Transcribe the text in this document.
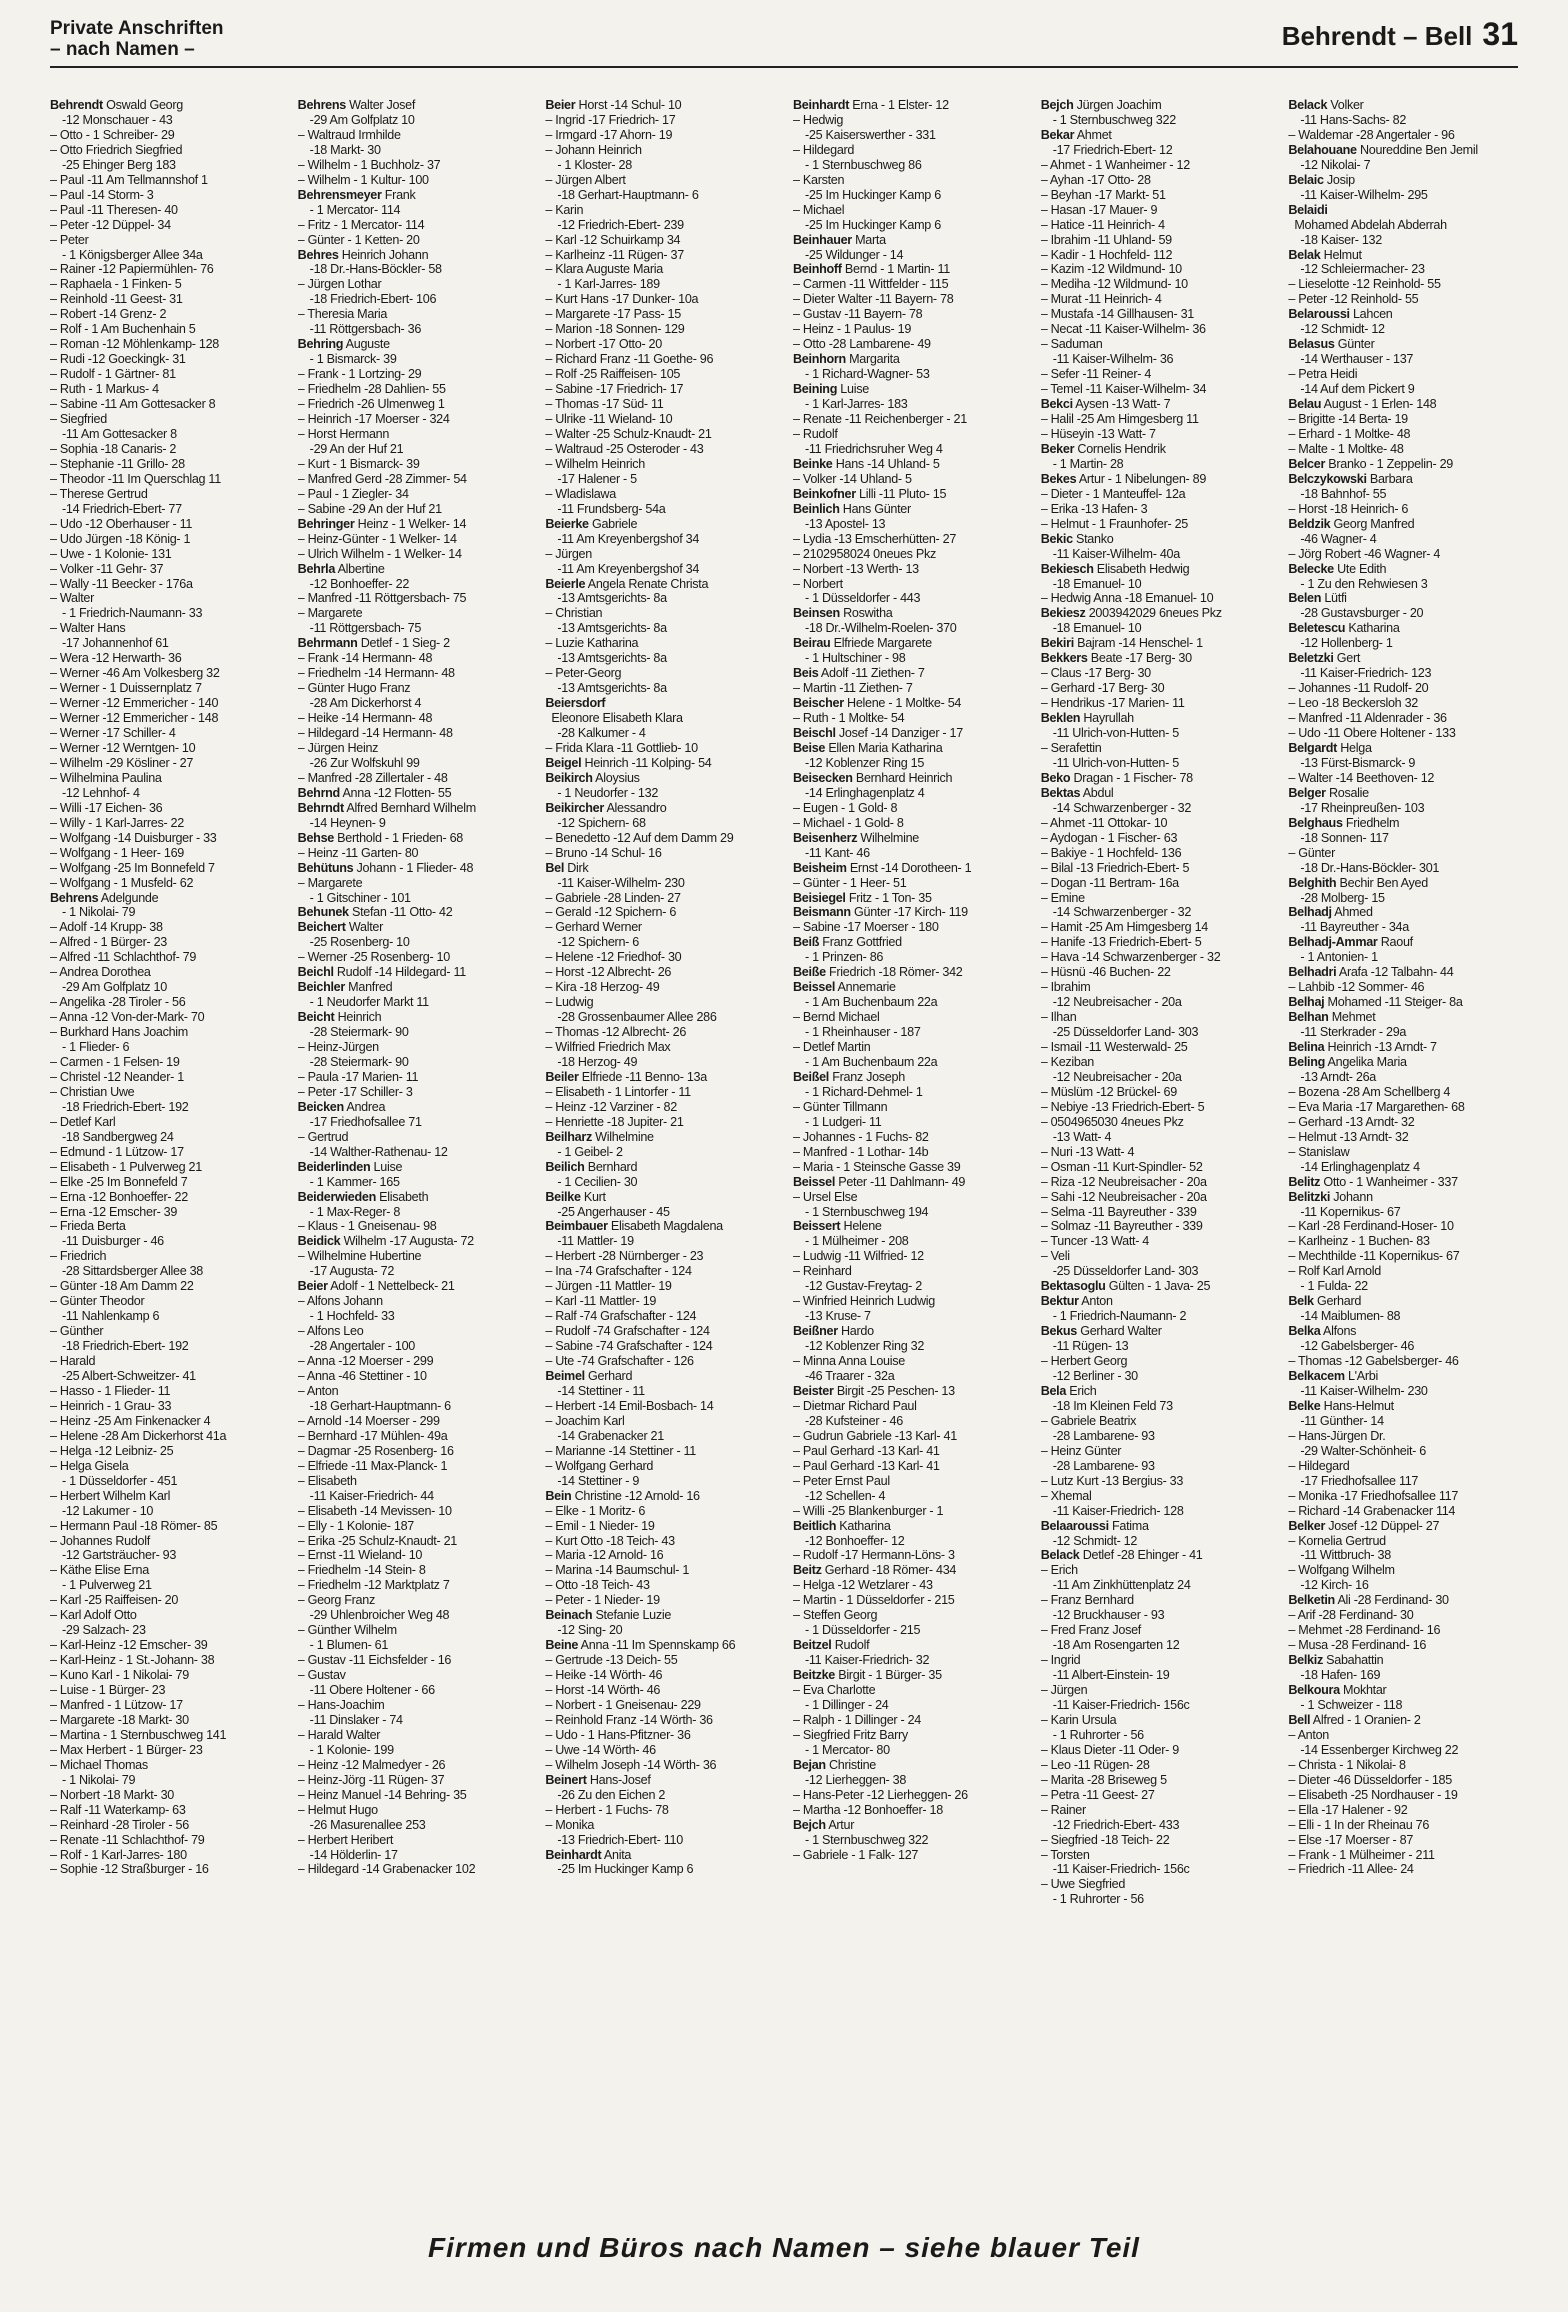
Private Anschriften
– nach Namen –	Behrendt – Bell 31
Behrendt Oswald Georg
-12 Monschauer - 43
– Otto - 1 Schreiber- 29
– Otto Friedrich Siegfried
-25 Ehinger Berg 183
– Paul -11 Am Tellmannshof 1
– Paul -14 Storm- 3
– Paul -11 Theresen- 40
– Peter -12 Düppel- 34
– Peter
- 1 Königsberger Allee 34a
– Rainer -12 Papiermühlen- 76
– Raphaela - 1 Finken- 5
– Reinhold -11 Geest- 31
– Robert -14 Grenz- 2
– Rolf - 1 Am Buchenhain 5
– Roman -12 Möhlenkamp- 128
– Rudi -12 Goeckingk- 31
– Rudolf - 1 Gärtner- 81
– Ruth - 1 Markus- 4
– Sabine -11 Am Gottesacker 8
– Siegfried
-11 Am Gottesacker 8
– Sophia -18 Canaris- 2
– Stephanie -11 Grillo- 28
– Theodor -11 Im Querschlag 11
– Therese Gertrud
-14 Friedrich-Ebert- 77
– Udo -12 Oberhauser - 11
– Udo Jürgen -18 König- 1
– Uwe - 1 Kolonie- 131
– Volker -11 Gehr- 37
– Wally -11 Beecker - 176a
– Walter
- 1 Friedrich-Naumann- 33
– Walter Hans
-17 Johannenhof 61
– Wera -12 Herwarth- 36
– Werner -46 Am Volkesberg 32
– Werner - 1 Duissernplatz 7
– Werner -12 Emmericher - 140
– Werner -12 Emmericher - 148
– Werner -17 Schiller- 4
– Werner -12 Werntgen- 10
– Wilhelm -29 Kösliner - 27
– Wilhelmina Paulina
-12 Lehnhof- 4
– Willi -17 Eichen- 36
– Willy - 1 Karl-Jarres- 22
– Wolfgang -14 Duisburger - 33
– Wolfgang - 1 Heer- 169
– Wolfgang -25 Im Bonnefeld 7
– Wolfgang - 1 Musfeld- 62
Behrens Adelgunde
- 1 Nikolai- 79
– Adolf -14 Krupp- 38
– Alfred - 1 Bürger- 23
– Alfred -11 Schlachthof- 79
– Andrea Dorothea
-29 Am Golfplatz 10
– Angelika -28 Tiroler - 56
– Anna -12 Von-der-Mark- 70
– Burkhard Hans Joachim
- 1 Flieder- 6
– Carmen - 1 Felsen- 19
– Christel -12 Neander- 1
– Christian Uwe
-18 Friedrich-Ebert- 192
– Detlef Karl
-18 Sandbergweg 24
– Edmund - 1 Lützow- 17
– Elisabeth - 1 Pulverweg 21
– Elke -25 Im Bonnefeld 7
– Erna -12 Bonhoeffer- 22
– Erna -12 Emscher- 39
– Frieda Berta
-11 Duisburger - 46
– Friedrich
-28 Sittardsberger Allee 38
– Günter -18 Am Damm 22
– Günter Theodor
-11 Nahlenkamp 6
– Günther
-18 Friedrich-Ebert- 192
– Harald
-25 Albert-Schweitzer- 41
– Hasso - 1 Flieder- 11
– Heinrich - 1 Grau- 33
– Heinz -25 Am Finkenacker 4
– Helene -28 Am Dickerhorst 41a
– Helga -12 Leibniz- 25
– Helga Gisela
- 1 Düsseldorfer - 451
– Herbert Wilhelm Karl
-12 Lakumer - 10
– Hermann Paul -18 Römer- 85
– Johannes Rudolf
-12 Gartsträucher- 93
– Käthe Elise Erna
- 1 Pulverweg 21
– Karl -25 Raiffeisen- 20
– Karl Adolf Otto
-29 Salzach- 23
– Karl-Heinz -12 Emscher- 39
– Karl-Heinz - 1 St.-Johann- 38
– Kuno Karl - 1 Nikolai- 79
– Luise - 1 Bürger- 23
– Manfred - 1 Lützow- 17
– Margarete -18 Markt- 30
– Martina - 1 Sternbuschweg 141
– Max Herbert - 1 Bürger- 23
– Michael Thomas
- 1 Nikolai- 79
– Norbert -18 Markt- 30
– Ralf -11 Waterkamp- 63
– Reinhard -28 Tiroler - 56
– Renate -11 Schlachthof- 79
– Rolf - 1 Karl-Jarres- 180
– Sophie -12 Straßburger - 16
Behrens Walter Josef
-29 Am Golfplatz 10
– Waltraud Irmhilde
-18 Markt- 30
– Wilhelm - 1 Buchholz- 37
– Wilhelm - 1 Kultur- 100
Behrensmeyer Frank
- 1 Mercator- 114
– Fritz - 1 Mercator- 114
– Günter - 1 Ketten- 20
Behres Heinrich Johann
-18 Dr.-Hans-Böckler- 58
– Jürgen Lothar
-18 Friedrich-Ebert- 106
– Theresia Maria
-11 Röttgersbach- 36
Behring Auguste
- 1 Bismarck- 39
– Frank - 1 Lortzing- 29
– Friedhelm -28 Dahlien- 55
– Friedrich -26 Ulmenweg 1
– Heinrich -17 Moerser - 324
– Horst Hermann
-29 An der Huf 21
– Kurt - 1 Bismarck- 39
– Manfred Gerd -28 Zimmer- 54
– Paul - 1 Ziegler- 34
– Sabine -29 An der Huf 21
Behringer Heinz - 1 Welker- 14
– Heinz-Günter - 1 Welker- 14
– Ulrich Wilhelm - 1 Welker- 14
Behrla Albertine
-12 Bonhoeffer- 22
– Manfred -11 Röttgersbach- 75
– Margarete
-11 Röttgersbach- 75
Behrmann Detlef - 1 Sieg- 2
– Frank -14 Hermann- 48
– Friedhelm -14 Hermann- 48
– Günter Hugo Franz
-28 Am Dickerhorst 4
– Heike -14 Hermann- 48
– Hildegard -14 Hermann- 48
– Jürgen Heinz
-26 Zur Wolfskuhl 99
– Manfred -28 Zillertaler - 48
Behrnd Anna -12 Flotten- 55
Behrndt Alfred Bernhard Wilhelm
-14 Heynen- 9
Behse Berthold - 1 Frieden- 68
– Heinz -11 Garten- 80
Behütuns Johann - 1 Flieder- 48
– Margarete
- 1 Gitschiner - 101
Behunek Stefan -11 Otto- 42
Beichert Walter
-25 Rosenberg- 10
– Werner -25 Rosenberg- 10
Beichl Rudolf -14 Hildegard- 11
Beichler Manfred
- 1 Neudorfer Markt 11
Beicht Heinrich
-28 Steiermark- 90
– Heinz-Jürgen
-28 Steiermark- 90
– Paula -17 Marien- 11
– Peter -17 Schiller- 3
Beicken Andrea
-17 Friedhofsallee 71
– Gertrud
-14 Walther-Rathenau- 12
Beiderlinden Luise
- 1 Kammer- 165
Beiderwieden Elisabeth
- 1 Max-Reger- 8
– Klaus - 1 Gneisenau- 98
Beidick Wilhelm -17 Augusta- 72
– Wilhelmine Hubertine
-17 Augusta- 72
Beier Adolf - 1 Nettelbeck- 21
– Alfons Johann
- 1 Hochfeld- 33
– Alfons Leo
-28 Angertaler - 100
– Anna -12 Moerser - 299
– Anna -46 Stettiner - 10
– Anton
-18 Gerhart-Hauptmann- 6
– Arnold -14 Moerser - 299
– Bernhard -17 Mühlen- 49a
– Dagmar -25 Rosenberg- 16
– Elfriede -11 Max-Planck- 1
– Elisabeth
-11 Kaiser-Friedrich- 44
– Elisabeth -14 Mevissen- 10
– Elly - 1 Kolonie- 187
– Erika -25 Schulz-Knaudt- 21
– Ernst -11 Wieland- 10
– Friedhelm -14 Stein- 8
– Friedhelm -12 Marktplatz 7
– Georg Franz
-29 Uhlenbroicher Weg 48
– Günther Wilhelm
- 1 Blumen- 61
– Gustav -11 Eichsfelder - 16
– Gustav
-11 Obere Holtener - 66
– Hans-Joachim
-11 Dinslaker - 74
– Harald Walter
- 1 Kolonie- 199
– Heinz -12 Malmedyer - 26
– Heinz-Jörg -11 Rügen- 37
– Heinz Manuel -14 Behring- 35
– Helmut Hugo
-26 Masurenallee 253
– Herbert Heribert
-14 Hölderlin- 17
– Hildegard -14 Grabenacker 102
Beier Horst -14 Schul- 10
– Ingrid -17 Friedrich- 17
– Irmgard -17 Ahorn- 19
– Johann Heinrich
- 1 Kloster- 28
– Jürgen Albert
-18 Gerhart-Hauptmann- 6
– Karin
-12 Friedrich-Ebert- 239
– Karl -12 Schuirkamp 34
– Karlheinz -11 Rügen- 37
– Klara Auguste Maria
- 1 Karl-Jarres- 189
– Kurt Hans -17 Dunker- 10a
– Margarete -17 Pass- 15
– Marion -18 Sonnen- 129
– Norbert -17 Otto- 20
– Richard Franz -11 Goethe- 96
– Rolf -25 Raiffeisen- 105
– Sabine -17 Friedrich- 17
– Thomas -17 Süd- 11
– Ulrike -11 Wieland- 10
– Walter -25 Schulz-Knaudt- 21
– Waltraud -25 Osteroder - 43
– Wilhelm Heinrich
-17 Halener - 5
– Wladislawa
-11 Frundsberg- 54a
Beierke Gabriele
-11 Am Kreyenbergshof 34
– Jürgen
-11 Am Kreyenbergshof 34
Beierle Angela Renate Christa
-13 Amtsgerichts- 8a
– Christian
-13 Amtsgerichts- 8a
– Luzie Katharina
-13 Amtsgerichts- 8a
– Peter-Georg
-13 Amtsgerichts- 8a
Beiersdorf
Eleonore Elisabeth Klara
-28 Kalkumer - 4
– Frida Klara -11 Gottlieb- 10
Beigel Heinrich -11 Kolping- 54
Beikirch Aloysius
- 1 Neudorfer - 132
Beikircher Alessandro
-12 Spichern- 68
– Benedetto -12 Auf dem Damm 29
– Bruno -14 Schul- 16
Bel Dirk
-11 Kaiser-Wilhelm- 230
– Gabriele -28 Linden- 27
– Gerald -12 Spichern- 6
– Gerhard Werner
-12 Spichern- 6
– Helene -12 Friedhof- 30
– Horst -12 Albrecht- 26
– Kira -18 Herzog- 49
– Ludwig
-28 Grossenbaumer Allee 286
– Thomas -12 Albrecht- 26
– Wilfried Friedrich Max
-18 Herzog- 49
Beiler Elfriede -11 Benno- 13a
– Elisabeth - 1 Lintorfer - 11
– Heinz -12 Varziner - 82
– Henriette -18 Jupiter- 21
Beilharz Wilhelmine
- 1 Geibel- 2
Beilich Bernhard
- 1 Cecilien- 30
Beilke Kurt
-25 Angerhauser - 45
Beimbauer Elisabeth Magdalena
-11 Mattler- 19
– Herbert -28 Nürnberger - 23
– Ina -74 Grafschafter - 124
– Jürgen -11 Mattler- 19
– Karl -11 Mattler- 19
– Ralf -74 Grafschafter - 124
– Rudolf -74 Grafschafter - 124
– Sabine -74 Grafschafter - 124
– Ute -74 Grafschafter - 126
Beimel Gerhard
-14 Stettiner - 11
– Herbert -14 Emil-Bosbach- 14
– Joachim Karl
-14 Grabenacker 21
– Marianne -14 Stettiner - 11
– Wolfgang Gerhard
-14 Stettiner - 9
Bein Christine -12 Arnold- 16
– Elke - 1 Moritz- 6
– Emil - 1 Nieder- 19
– Kurt Otto -18 Teich- 43
– Maria -12 Arnold- 16
– Marina -14 Baumschul- 1
– Otto -18 Teich- 43
– Peter - 1 Nieder- 19
Beinach Stefanie Luzie
-12 Sing- 20
Beine Anna -11 Im Spennskamp 66
– Gertrude -13 Deich- 55
– Heike -14 Wörth- 46
– Horst -14 Wörth- 46
– Norbert - 1 Gneisenau- 229
– Reinhold Franz -14 Wörth- 36
– Udo - 1 Hans-Pfitzner- 36
– Uwe -14 Wörth- 46
– Wilhelm Joseph -14 Wörth- 36
Beinert Hans-Josef
-26 Zu den Eichen 2
– Herbert - 1 Fuchs- 78
– Monika
-13 Friedrich-Ebert- 110
Beinhardt Anita
-25 Im Huckinger Kamp 6
Beinhardt Erna - 1 Elster- 12
– Hedwig
-25 Kaiserswerther - 331
– Hildegard
- 1 Sternbuschweg 86
– Karsten
-25 Im Huckinger Kamp 6
– Michael
-25 Im Huckinger Kamp 6
Beinhauer Marta
-25 Wildunger - 14
Beinhoff Bernd - 1 Martin- 11
– Carmen -11 Wittfelder - 115
– Dieter Walter -11 Bayern- 78
– Gustav -11 Bayern- 78
– Heinz - 1 Paulus- 19
– Otto -28 Lambarene- 49
Beinhorn Margarita
- 1 Richard-Wagner- 53
Beining Luise
- 1 Karl-Jarres- 183
– Renate -11 Reichenberger - 21
– Rudolf
-11 Friedrichsruher Weg 4
Beinke Hans -14 Uhland- 5
– Volker -14 Uhland- 5
Beinkofner Lilli -11 Pluto- 15
Beinlich Hans Günter
-13 Apostel- 13
– Lydia -13 Emscherhütten- 27
– 2102958024 0neues Pkz
– Norbert -13 Werth- 13
– Norbert
- 1 Düsseldorfer - 443
Beinsen Roswitha
-18 Dr.-Wilhelm-Roelen- 370
Beirau Elfriede Margarete
- 1 Hultschiner - 98
Beis Adolf -11 Ziethen- 7
– Martin -11 Ziethen- 7
Beischer Helene - 1 Moltke- 54
– Ruth - 1 Moltke- 54
Beischl Josef -14 Danziger - 17
Beise Ellen Maria Katharina
-12 Koblenzer Ring 15
Beisecken Bernhard Heinrich
-14 Erlinghagenplatz 4
– Eugen - 1 Gold- 8
– Michael - 1 Gold- 8
Beisenherz Wilhelmine
-11 Kant- 46
Beisheim Ernst -14 Dorotheen- 1
– Günter - 1 Heer- 51
Beisiegel Fritz - 1 Ton- 35
Beismann Günter -17 Kirch- 119
– Sabine -17 Moerser - 180
Beiß Franz Gottfried
- 1 Prinzen- 86
Beiße Friedrich -18 Römer- 342
Beissel Annemarie
- 1 Am Buchenbaum 22a
– Bernd Michael
- 1 Rheinhauser - 187
– Detlef Martin
- 1 Am Buchenbaum 22a
Beißel Franz Joseph
- 1 Richard-Dehmel- 1
– Günter Tillmann
- 1 Ludgeri- 11
– Johannes - 1 Fuchs- 82
– Manfred - 1 Lothar- 14b
– Maria - 1 Steinsche Gasse 39
Beissel Peter -11 Dahlmann- 49
– Ursel Else
- 1 Sternbuschweg 194
Beissert Helene
- 1 Mülheimer - 208
– Ludwig -11 Wilfried- 12
– Reinhard
-12 Gustav-Freytag- 2
– Winfried Heinrich Ludwig
-13 Kruse- 7
Beißner Hardo
-12 Koblenzer Ring 32
– Minna Anna Louise
-46 Traarer - 32a
Beister Birgit -25 Peschen- 13
– Dietmar Richard Paul
-28 Kufsteiner - 46
– Gudrun Gabriele -13 Karl- 41
– Paul Gerhard -13 Karl- 41
– Paul Gerhard -13 Karl- 41
– Peter Ernst Paul
-12 Schellen- 4
– Willi -25 Blankenburger - 1
Beitlich Katharina
-12 Bonhoeffer- 12
– Rudolf -17 Hermann-Löns- 3
Beitz Gerhard -18 Römer- 434
– Helga -12 Wetzlarer - 43
– Martin - 1 Düsseldorfer - 215
– Steffen Georg
- 1 Düsseldorfer - 215
Beitzel Rudolf
-11 Kaiser-Friedrich- 32
Beitzke Birgit - 1 Bürger- 35
– Eva Charlotte
- 1 Dillinger - 24
– Ralph - 1 Dillinger - 24
– Siegfried Fritz Barry
- 1 Mercator- 80
Bejan Christine
-12 Lierheggen- 38
– Hans-Peter -12 Lierheggen- 26
– Martha -12 Bonhoeffer- 18
Bejch Artur
- 1 Sternbuschweg 322
– Gabriele - 1 Falk- 127
Bejch Jürgen Joachim
- 1 Sternbuschweg 322
Bekar Ahmet
-17 Friedrich-Ebert- 12
– Ahmet - 1 Wanheimer - 12
– Ayhan -17 Otto- 28
– Beyhan -17 Markt- 51
– Hasan -17 Mauer- 9
– Hatice -11 Heinrich- 4
– Ibrahim -11 Uhland- 59
– Kadir - 1 Hochfeld- 112
– Kazim -12 Wildmund- 10
– Mediha -12 Wildmund- 10
– Murat -11 Heinrich- 4
– Mustafa -14 Gillhausen- 31
– Necat -11 Kaiser-Wilhelm- 36
– Saduman
-11 Kaiser-Wilhelm- 36
– Sefer -11 Reiner- 4
– Temel -11 Kaiser-Wilhelm- 34
Bekci Aysen -13 Watt- 7
– Halil -25 Am Himgesberg 11
– Hüseyin -13 Watt- 7
Beker Cornelis Hendrik
- 1 Martin- 28
Bekes Artur - 1 Nibelungen- 89
– Dieter - 1 Manteuffel- 12a
– Erika -13 Hafen- 3
– Helmut - 1 Fraunhofer- 25
Bekic Stanko
-11 Kaiser-Wilhelm- 40a
Bekiesch Elisabeth Hedwig
-18 Emanuel- 10
– Hedwig Anna -18 Emanuel- 10
Bekiesz 2003942029 6neues Pkz
-18 Emanuel- 10
Bekiri Bajram -14 Henschel- 1
Bekkers Beate -17 Berg- 30
– Claus -17 Berg- 30
– Gerhard -17 Berg- 30
– Hendrikus -17 Marien- 11
Beklen Hayrullah
-11 Ulrich-von-Hutten- 5
– Serafettin
-11 Ulrich-von-Hutten- 5
Beko Dragan - 1 Fischer- 78
Bektas Abdul
-14 Schwarzenberger - 32
– Ahmet -11 Ottokar- 10
– Aydogan - 1 Fischer- 63
– Bakiye - 1 Hochfeld- 136
– Bilal -13 Friedrich-Ebert- 5
– Dogan -11 Bertram- 16a
– Emine
-14 Schwarzenberger - 32
– Hamit -25 Am Himgesberg 14
– Hanife -13 Friedrich-Ebert- 5
– Hava -14 Schwarzenberger - 32
– Hüsnü -46 Buchen- 22
– Ibrahim
-12 Neubreisacher - 20a
– Ilhan
-25 Düsseldorfer Land- 303
– Ismail -11 Westerwald- 25
– Keziban
-12 Neubreisacher - 20a
– Müslüm -12 Brückel- 69
– Nebiye -13 Friedrich-Ebert- 5
– 0504965030 4neues Pkz
-13 Watt- 4
– Nuri -13 Watt- 4
– Osman -11 Kurt-Spindler- 52
– Riza -12 Neubreisacher - 20a
– Sahi -12 Neubreisacher - 20a
– Selma -11 Bayreuther - 339
– Solmaz -11 Bayreuther - 339
– Tuncer -13 Watt- 4
– Veli
-25 Düsseldorfer Land- 303
Bektasoglu Gülten - 1 Java- 25
Bektur Anton
- 1 Friedrich-Naumann- 2
Bekus Gerhard Walter
-11 Rügen- 13
– Herbert Georg
-12 Berliner - 30
Bela Erich
-18 Im Kleinen Feld 73
– Gabriele Beatrix
-28 Lambarene- 93
– Heinz Günter
-28 Lambarene- 93
– Lutz Kurt -13 Bergius- 33
– Xhemal
-11 Kaiser-Friedrich- 128
Belaaroussi Fatima
-12 Schmidt- 12
Belack Detlef -28 Ehinger - 41
– Erich
-11 Am Zinkhüttenplatz 24
– Franz Bernhard
-12 Bruckhauser - 93
– Fred Franz Josef
-18 Am Rosengarten 12
– Ingrid
-11 Albert-Einstein- 19
– Jürgen
-11 Kaiser-Friedrich- 156c
– Karin Ursula
- 1 Ruhrorter - 56
– Klaus Dieter -11 Oder- 9
– Leo -11 Rügen- 28
– Marita -28 Briseweg 5
– Petra -11 Geest- 27
– Rainer
-12 Friedrich-Ebert- 433
– Siegfried -18 Teich- 22
– Torsten
-11 Kaiser-Friedrich- 156c
– Uwe Siegfried
- 1 Ruhrorter - 56
Belack Volker
-11 Hans-Sachs- 82
– Waldemar -28 Angertaler - 96
Belahouane Noureddine Ben Jemil
-12 Nikolai- 7
Belaic Josip
-11 Kaiser-Wilhelm- 295
Belaidi
Mohamed Abdelah Abderrah
-18 Kaiser- 132
Belak Helmut
-12 Schleiermacher- 23
– Lieselotte -12 Reinhold- 55
– Peter -12 Reinhold- 55
Belaroussi Lahcen
-12 Schmidt- 12
Belasus Günter
-14 Werthauser - 137
– Petra Heidi
-14 Auf dem Pickert 9
Belau August - 1 Erlen- 148
– Brigitte -14 Berta- 19
– Erhard - 1 Moltke- 48
– Malte - 1 Moltke- 48
Belcer Branko - 1 Zeppelin- 29
Belczykowski Barbara
-18 Bahnhof- 55
– Horst -18 Heinrich- 6
Beldzik Georg Manfred
-46 Wagner- 4
– Jörg Robert -46 Wagner- 4
Belecke Ute Edith
- 1 Zu den Rehwiesen 3
Belen Lütfi
-28 Gustavsburger - 20
Beletescu Katharina
-12 Hollenberg- 1
Beletzki Gert
-11 Kaiser-Friedrich- 123
– Johannes -11 Rudolf- 20
– Leo -18 Beckersloh 32
– Manfred -11 Aldenrader - 36
– Udo -11 Obere Holtener - 133
Belgardt Helga
-13 Fürst-Bismarck- 9
– Walter -14 Beethoven- 12
Belger Rosalie
-17 Rheinpreußen- 103
Belghaus Friedhelm
-18 Sonnen- 117
– Günter
-18 Dr.-Hans-Böckler- 301
Belghith Bechir Ben Ayed
-28 Molberg- 15
Belhadj Ahmed
-11 Bayreuther - 34a
Belhadj-Ammar Raouf
- 1 Antonien- 1
Belhadri Arafa -12 Talbahn- 44
– Lahbib -12 Sommer- 46
Belhaj Mohamed -11 Steiger- 8a
Belhan Mehmet
-11 Sterkrader - 29a
Belina Heinrich -13 Arndt- 7
Beling Angelika Maria
-13 Arndt- 26a
– Bozena -28 Am Schellberg 4
– Eva Maria -17 Margarethen- 68
– Gerhard -13 Arndt- 32
– Helmut -13 Arndt- 32
– Stanislaw
-14 Erlinghagenplatz 4
Belitz Otto - 1 Wanheimer - 337
Belitzki Johann
-11 Kopernikus- 67
– Karl -28 Ferdinand-Hoser- 10
– Karlheinz - 1 Buchen- 83
– Mechthilde -11 Kopernikus- 67
– Rolf Karl Arnold
- 1 Fulda- 22
Belk Gerhard
-14 Maiblumen- 88
Belka Alfons
-12 Gabelsberger- 46
– Thomas -12 Gabelsberger- 46
Belkacem L'Arbi
-11 Kaiser-Wilhelm- 230
Belke Hans-Helmut
-11 Günther- 14
– Hans-Jürgen Dr.
-29 Walter-Schönheit- 6
– Hildegard
-17 Friedhofsallee 117
– Monika -17 Friedhofsallee 117
– Richard -14 Grabenacker 114
Belker Josef -12 Düppel- 27
– Kornelia Gertrud
-11 Wittbruch- 38
– Wolfgang Wilhelm
-12 Kirch- 16
Belketin Ali -28 Ferdinand- 30
– Arif -28 Ferdinand- 30
– Mehmet -28 Ferdinand- 16
– Musa -28 Ferdinand- 16
Belkiz Sabahattin
-18 Hafen- 169
Belkoura Mokhtar
- 1 Schweizer - 118
Bell Alfred - 1 Oranien- 2
– Anton
-14 Essenberger Kirchweg 22
– Christa - 1 Nikolai- 8
– Dieter -46 Düsseldorfer - 185
– Elisabeth -25 Nordhauser - 19
– Ella -17 Halener - 92
– Elli - 1 In der Rheinau 76
– Else -17 Moerser - 87
– Frank - 1 Mülheimer - 211
– Friedrich -11 Allee- 24
Firmen und Büros nach Namen – siehe blauer Teil
